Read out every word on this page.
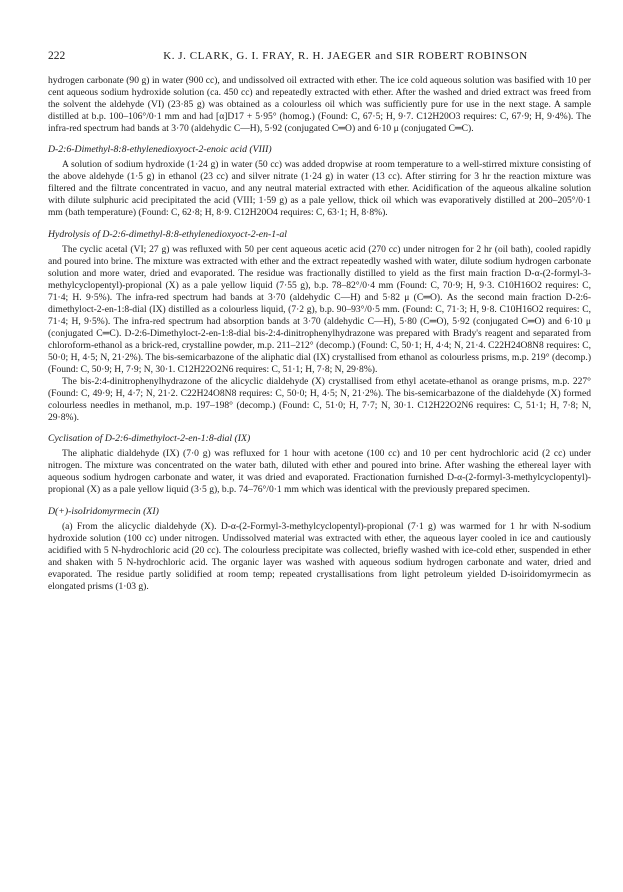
222	K. J. CLARK, G. I. FRAY, R. H. JAEGER and SIR ROBERT ROBINSON

hydrogen carbonate (90 g) in water (900 cc), and undissolved oil extracted with ether. The ice cold aqueous solution was basified with 10 per cent aqueous sodium hydroxide solution (ca. 450 cc) and repeatedly extracted with ether. After the washed and dried extract was freed from the solvent the aldehyde (VI) (23·85 g) was obtained as a colourless oil which was sufficiently pure for use in the next stage. A sample distilled at b.p. 100–106°/0·1 mm and had [α]D17 + 5·95° (homog.) (Found: C, 67·5; H, 9·7. C12H20O3 requires: C, 67·9; H, 9·4%). The infra-red spectrum had bands at 3·70 (aldehydic C—H), 5·92 (conjugated C═O) and 6·10 μ (conjugated C═C).

D-2:6-Dimethyl-8:8-ethylenedioxyoct-2-enoic acid (VIII)

A solution of sodium hydroxide (1·24 g) in water (50 cc) was added dropwise at room temperature to a well-stirred mixture consisting of the above aldehyde (1·5 g) in ethanol (23 cc) and silver nitrate (1·24 g) in water (13 cc). After stirring for 3 hr the reaction mixture was filtered and the filtrate concentrated in vacuo, and any neutral material extracted with ether. Acidification of the aqueous alkaline solution with dilute sulphuric acid precipitated the acid (VIII; 1·59 g) as a pale yellow, thick oil which was evaporatively distilled at 200–205°/0·1 mm (bath temperature) (Found: C, 62·8; H, 8·9. C12H20O4 requires: C, 63·1; H, 8·8%).

Hydrolysis of D-2:6-dimethyl-8:8-ethylenedioxyoct-2-en-1-al

The cyclic acetal (VI; 27 g) was refluxed with 50 per cent aqueous acetic acid (270 cc) under nitrogen for 2 hr (oil bath), cooled rapidly and poured into brine. The mixture was extracted with ether and the extract repeatedly washed with water, dilute sodium hydrogen carbonate solution and more water, dried and evaporated. The residue was fractionally distilled to yield as the first main fraction D-α-(2-formyl-3-methylcyclopentyl)-propional (X) as a pale yellow liquid (7·55 g), b.p. 78–82°/0·4 mm (Found: C, 70·9; H, 9·3. C10H16O2 requires: C, 71·4; H. 9·5%). The infra-red spectrum had bands at 3·70 (aldehydic C—H) and 5·82 μ (C═O). As the second main fraction D-2:6-dimethyloct-2-en-1:8-dial (IX) distilled as a colourless liquid, (7·2 g), b.p. 90–93°/0·5 mm. (Found: C, 71·3; H, 9·8. C10H16O2 requires: C, 71·4; H, 9·5%). The infra-red spectrum had absorption bands at 3·70 (aldehydic C—H), 5·80 (C═O), 5·92 (conjugated C═O) and 6·10 μ (conjugated C═C). D-2:6-Dimethyloct-2-en-1:8-dial bis-2:4-dinitrophenylhydrazone was prepared with Brady's reagent and separated from chloroform-ethanol as a brick-red, crystalline powder, m.p. 211–212° (decomp.) (Found: C, 50·1; H, 4·4; N, 21·4. C22H24O8N8 requires: C, 50·0; H, 4·5; N, 21·2%). The bis-semicarbazone of the aliphatic dial (IX) crystallised from ethanol as colourless prisms, m.p. 219° (decomp.) (Found: C, 50·9; H, 7·9; N, 30·1. C12H22O2N6 requires: C, 51·1; H, 7·8; N, 29·8%).

The bis-2:4-dinitrophenylhydrazone of the alicyclic dialdehyde (X) crystallised from ethyl acetate-ethanol as orange prisms, m.p. 227° (Found: C, 49·9; H, 4·7; N, 21·2. C22H24O8N8 requires: C, 50·0; H, 4·5; N, 21·2%). The bis-semicarbazone of the dialdehyde (X) formed colourless needles in methanol, m.p. 197–198° (decomp.) (Found: C, 51·0; H, 7·7; N, 30·1. C12H22O2N6 requires: C, 51·1; H, 7·8; N, 29·8%).

Cyclisation of D-2:6-dimethyloct-2-en-1:8-dial (IX)

The aliphatic dialdehyde (IX) (7·0 g) was refluxed for 1 hour with acetone (100 cc) and 10 per cent hydrochloric acid (2 cc) under nitrogen. The mixture was concentrated on the water bath, diluted with ether and poured into brine. After washing the ethereal layer with aqueous sodium hydrogen carbonate and water, it was dried and evaporated. Fractionation furnished D-α-(2-formyl-3-methylcyclopentyl)-propional (X) as a pale yellow liquid (3·5 g), b.p. 74–76°/0·1 mm which was identical with the previously prepared specimen.

D(+)-isoIridomyrmecin (XI)

(a) From the alicyclic dialdehyde (X). D-α-(2-Formyl-3-methylcyclopentyl)-propional (7·1 g) was warmed for 1 hr with N-sodium hydroxide solution (100 cc) under nitrogen. Undissolved material was extracted with ether, the aqueous layer cooled in ice and cautiously acidified with 5 N-hydrochloric acid (20 cc). The colourless precipitate was collected, briefly washed with ice-cold ether, suspended in ether and shaken with 5 N-hydrochloric acid. The organic layer was washed with aqueous sodium hydrogen carbonate and water, dried and evaporated. The residue partly solidified at room temp; repeated crystallisations from light petroleum yielded D-isoiridomyrmecin as elongated prisms (1·03 g).
